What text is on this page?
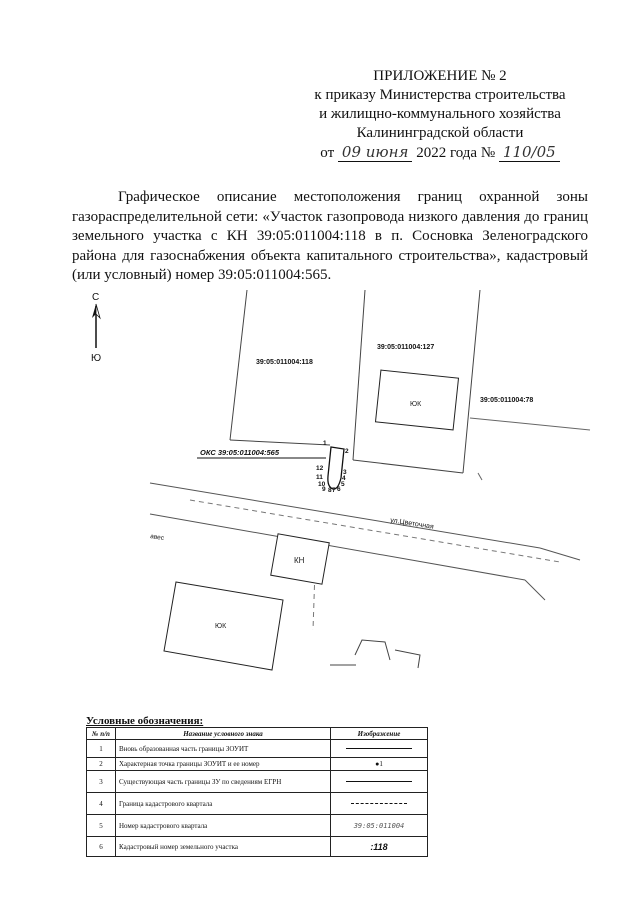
ПРИЛОЖЕНИЕ № 2
к приказу Министерства строительства
и жилищно-коммунального хозяйства
Калининградской области
от 09 июня 2022 года № 110/05
Графическое описание местоположения границ охранной зоны газораспределительной сети: «Участок газопровода низкого давления до границ земельного участка с КН 39:05:011004:118 в п. Сосновка Зеленоградского района для газоснабжения объекта капитального строительства», кадастровый (или условный) номер 39:05:011004:565.
С
Ю
ЮК
КН
ЮК
ОКС 39:05:011004:565
1
2
3
4
5
6
7
8
9
10
11
12
39:05:011004:118
39:05:011004:127
39:05:011004:78
ул.Цветочная
авес
Условные обозначения:
№ п/п	Название условного знака	Изображение
1	Вновь образованная часть границы ЗОУИТ	
2	Характерная точка границы ЗОУИТ и ее номер	●1
3	Существующая часть границы ЗУ по сведениям ЕГРН	
4	Граница кадастрового квартала	
5	Номер кадастрового квартала	39:05:011004
6	Кадастровый номер земельного участка	:118
